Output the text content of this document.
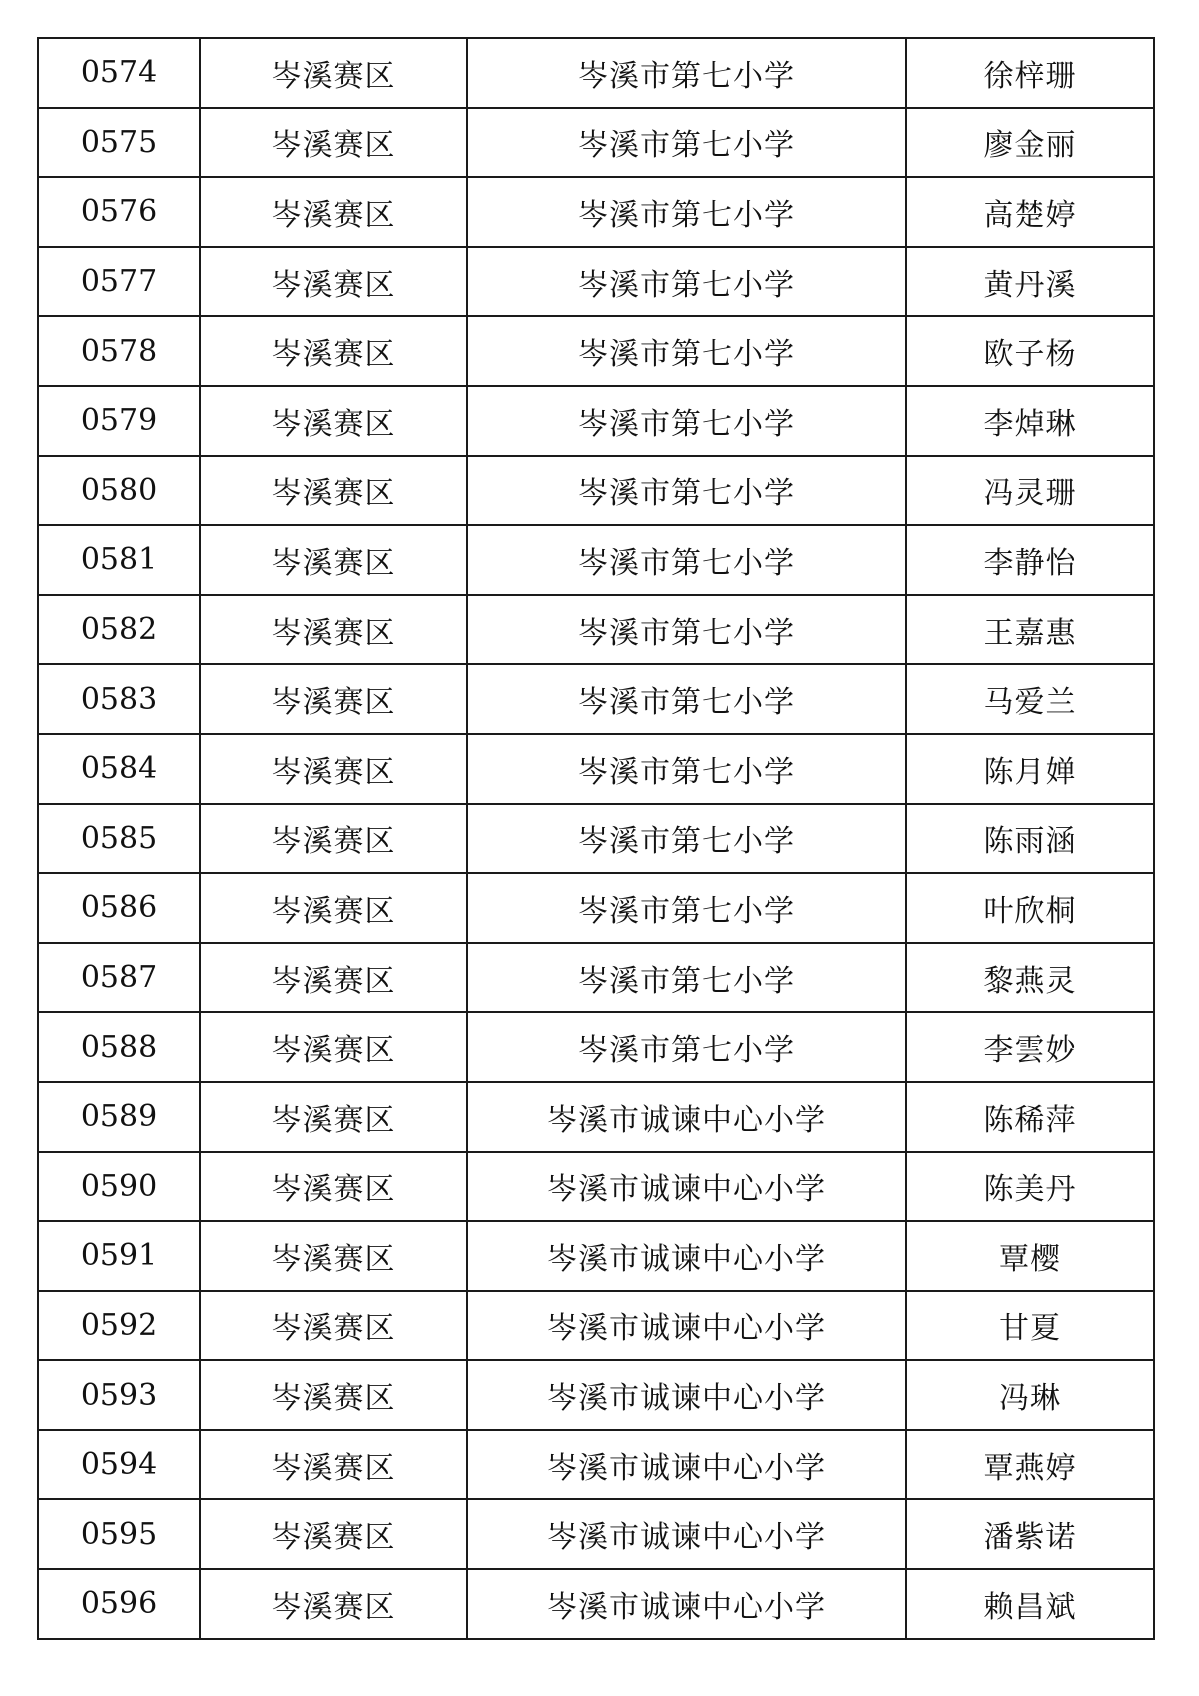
0574	岑溪赛区	岑溪市第七小学	徐梓珊
0575	岑溪赛区	岑溪市第七小学	廖金丽
0576	岑溪赛区	岑溪市第七小学	高楚婷
0577	岑溪赛区	岑溪市第七小学	黄丹溪
0578	岑溪赛区	岑溪市第七小学	欧子杨
0579	岑溪赛区	岑溪市第七小学	李焯琳
0580	岑溪赛区	岑溪市第七小学	冯灵珊
0581	岑溪赛区	岑溪市第七小学	李静怡
0582	岑溪赛区	岑溪市第七小学	王嘉惠
0583	岑溪赛区	岑溪市第七小学	马爱兰
0584	岑溪赛区	岑溪市第七小学	陈月婵
0585	岑溪赛区	岑溪市第七小学	陈雨涵
0586	岑溪赛区	岑溪市第七小学	叶欣桐
0587	岑溪赛区	岑溪市第七小学	黎燕灵
0588	岑溪赛区	岑溪市第七小学	李雲妙
0589	岑溪赛区	岑溪市诚谏中心小学	陈稀萍
0590	岑溪赛区	岑溪市诚谏中心小学	陈美丹
0591	岑溪赛区	岑溪市诚谏中心小学	覃樱
0592	岑溪赛区	岑溪市诚谏中心小学	甘夏
0593	岑溪赛区	岑溪市诚谏中心小学	冯琳
0594	岑溪赛区	岑溪市诚谏中心小学	覃燕婷
0595	岑溪赛区	岑溪市诚谏中心小学	潘紫诺
0596	岑溪赛区	岑溪市诚谏中心小学	赖昌斌
